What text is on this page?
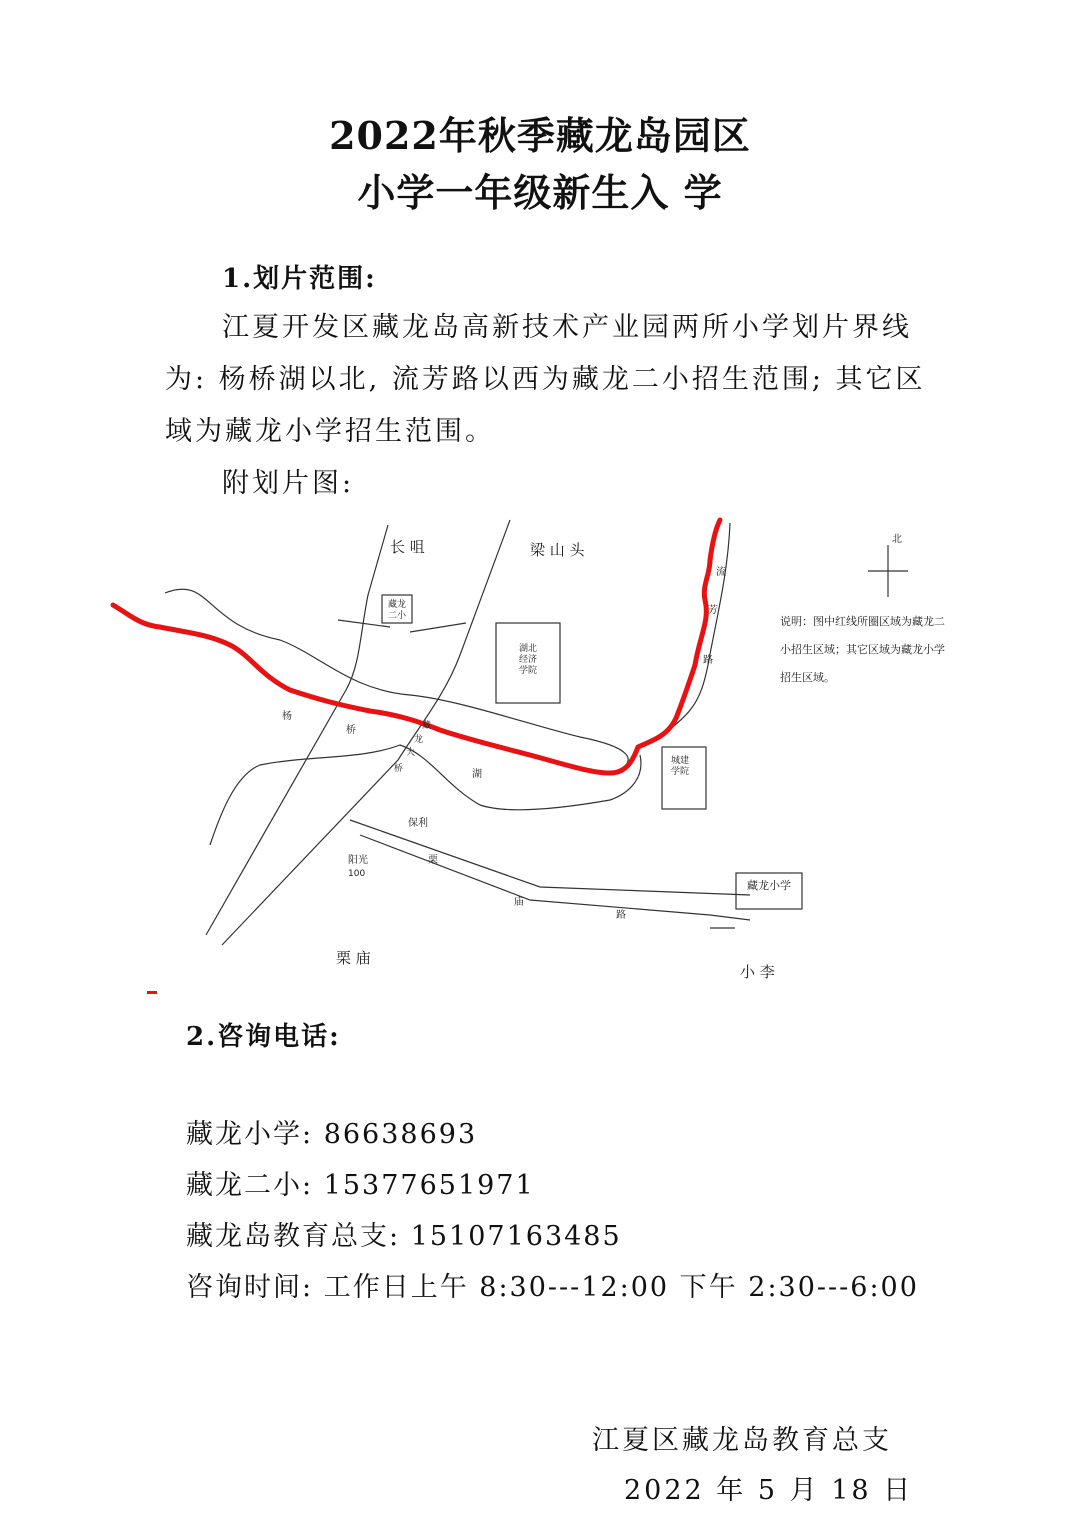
2022年秋季藏龙岛园区
小学一年级新生入 学
1.划片范围:
江夏开发区藏龙岛高新技术产业园两所小学划片界线
为: 杨桥湖以北, 流芳路以西为藏龙二小招生范围; 其它区
域为藏龙小学招生范围。
附划片图:
长 咀	梁 山 头
藏龙
二小
湖北
经济
学院
城建
学院
藏龙小学
流
芳
路
北
说明：图中红线所圈区域为藏龙二
小招生区域；其它区域为藏龙小学
招生区域。
杨
桥
湖
藏
龙
大
桥
保利
阳光
100
栗
庙
路
栗 庙
小 李
2.咨询电话:
藏龙小学: 86638693
藏龙二小: 15377651971
藏龙岛教育总支: 15107163485
咨询时间: 工作日上午 8:30---12:00 下午 2:30---6:00
江夏区藏龙岛教育总支
2022 年 5 月 18 日
